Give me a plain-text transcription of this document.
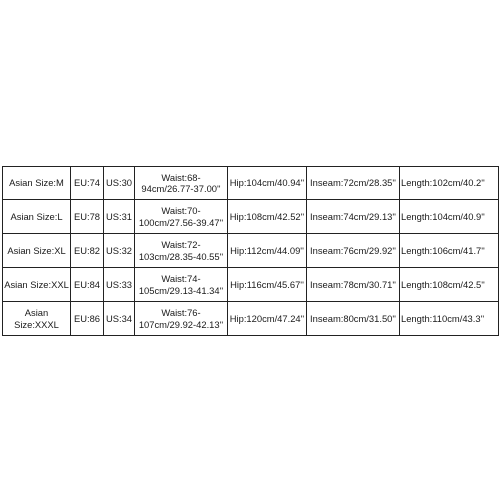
Asian Size:M	EU:74	US:30	Waist:68-94cm/26.77-37.00''	Hip:104cm/40.94''	Inseam:72cm/28.35''	Length:102cm/40.2''
Asian Size:L	EU:78	US:31	Waist:70-100cm/27.56-39.47''	Hip:108cm/42.52''	Inseam:74cm/29.13''	Length:104cm/40.9''
Asian Size:XL	EU:82	US:32	Waist:72-103cm/28.35-40.55''	Hip:112cm/44.09''	Inseam:76cm/29.92''	Length:106cm/41.7''
Asian Size:XXL	EU:84	US:33	Waist:74-105cm/29.13-41.34''	Hip:116cm/45.67''	Inseam:78cm/30.71''	Length:108cm/42.5''
Asian Size:XXXL	EU:86	US:34	Waist:76-107cm/29.92-42.13''	Hip:120cm/47.24''	Inseam:80cm/31.50''	Length:110cm/43.3''
